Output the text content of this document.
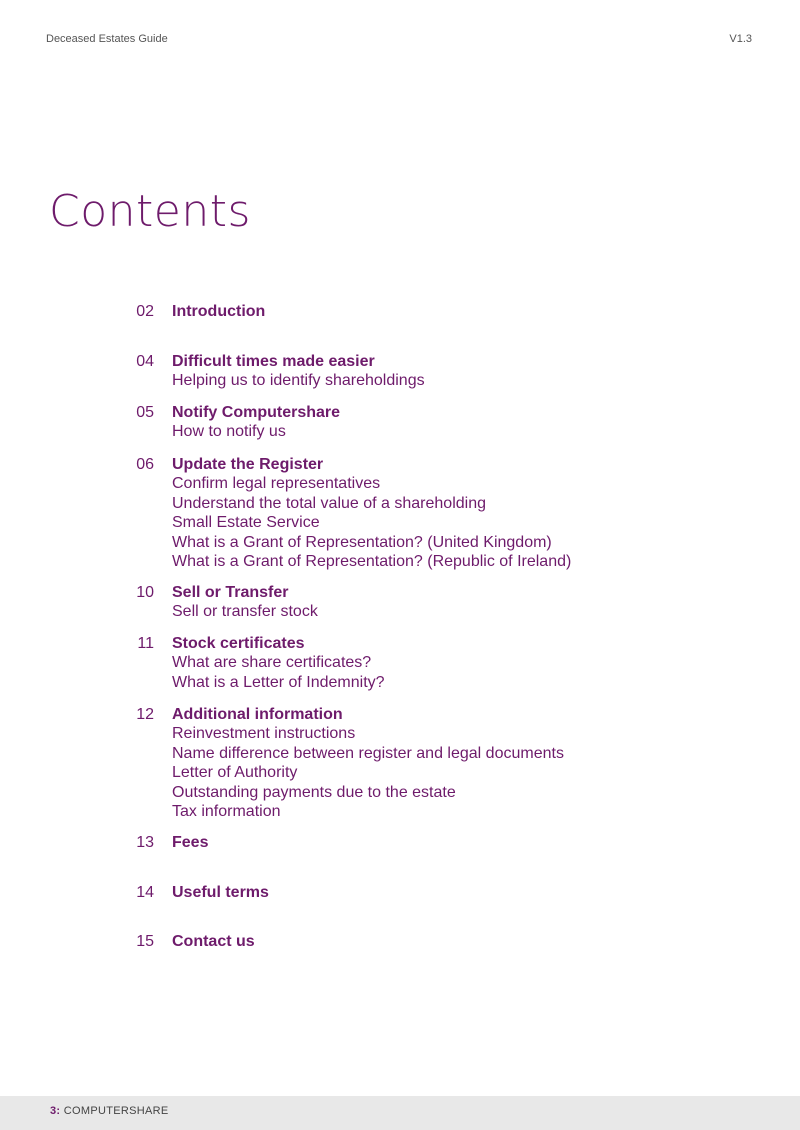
Deceased Estates Guide	V1.3
Contents
02 Introduction
04 Difficult times made easier
Helping us to identify shareholdings
05 Notify Computershare
How to notify us
06 Update the Register
Confirm legal representatives
Understand the total value of a shareholding
Small Estate Service
What is a Grant of Representation? (United Kingdom)
What is a Grant of Representation? (Republic of Ireland)
10 Sell or Transfer
Sell or transfer stock
11 Stock certificates
What are share certificates?
What is a Letter of Indemnity?
12 Additional information
Reinvestment instructions
Name difference between register and legal documents
Letter of Authority
Outstanding payments due to the estate
Tax information
13 Fees
14 Useful terms
15 Contact us
3: COMPUTERSHARE
